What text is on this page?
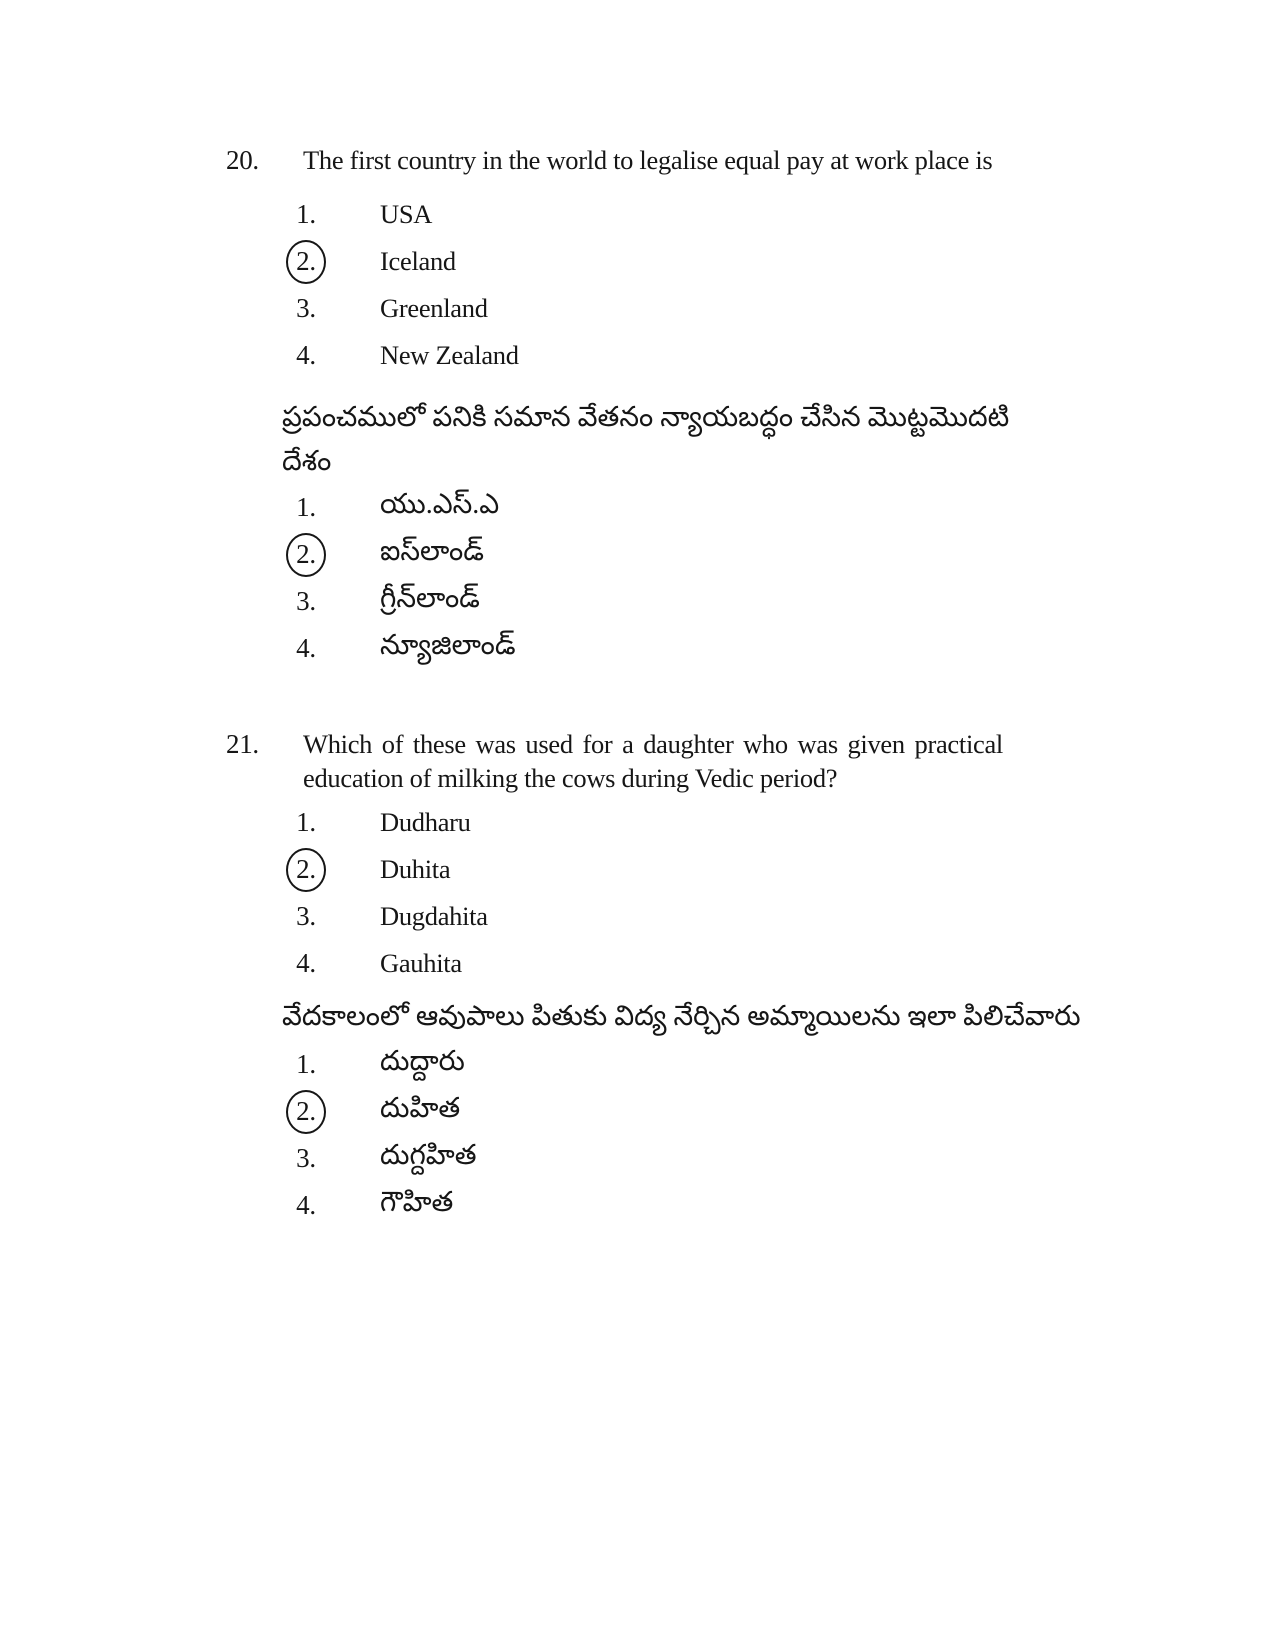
20.	The first country in the world to legalise equal pay at work place is
1.	USA
2.	Iceland
3.	Greenland
4.	New Zealand
ప్రపంచములో పనికి సమాన వేతనం న్యాయబద్ధం చేసిన మొట్టమొదటి
దేశం
1.	యు.ఎస్.ఎ
2.	ఐస్‌లాండ్
3.	గ్రీన్‌లాండ్
4.	న్యూజిలాండ్
21.	Which of these was used for a daughter who was given practical
education of milking the cows during Vedic period?
1.	Dudharu
2.	Duhita
3.	Dugdahita
4.	Gauhita
వేదకాలంలో ఆవుపాలు పితుకు విద్య నేర్చిన అమ్మాయిలను ఇలా పిలిచేవారు
1.	దుద్దారు
2.	దుహిత
3.	దుగ్దహిత
4.	గౌహిత
